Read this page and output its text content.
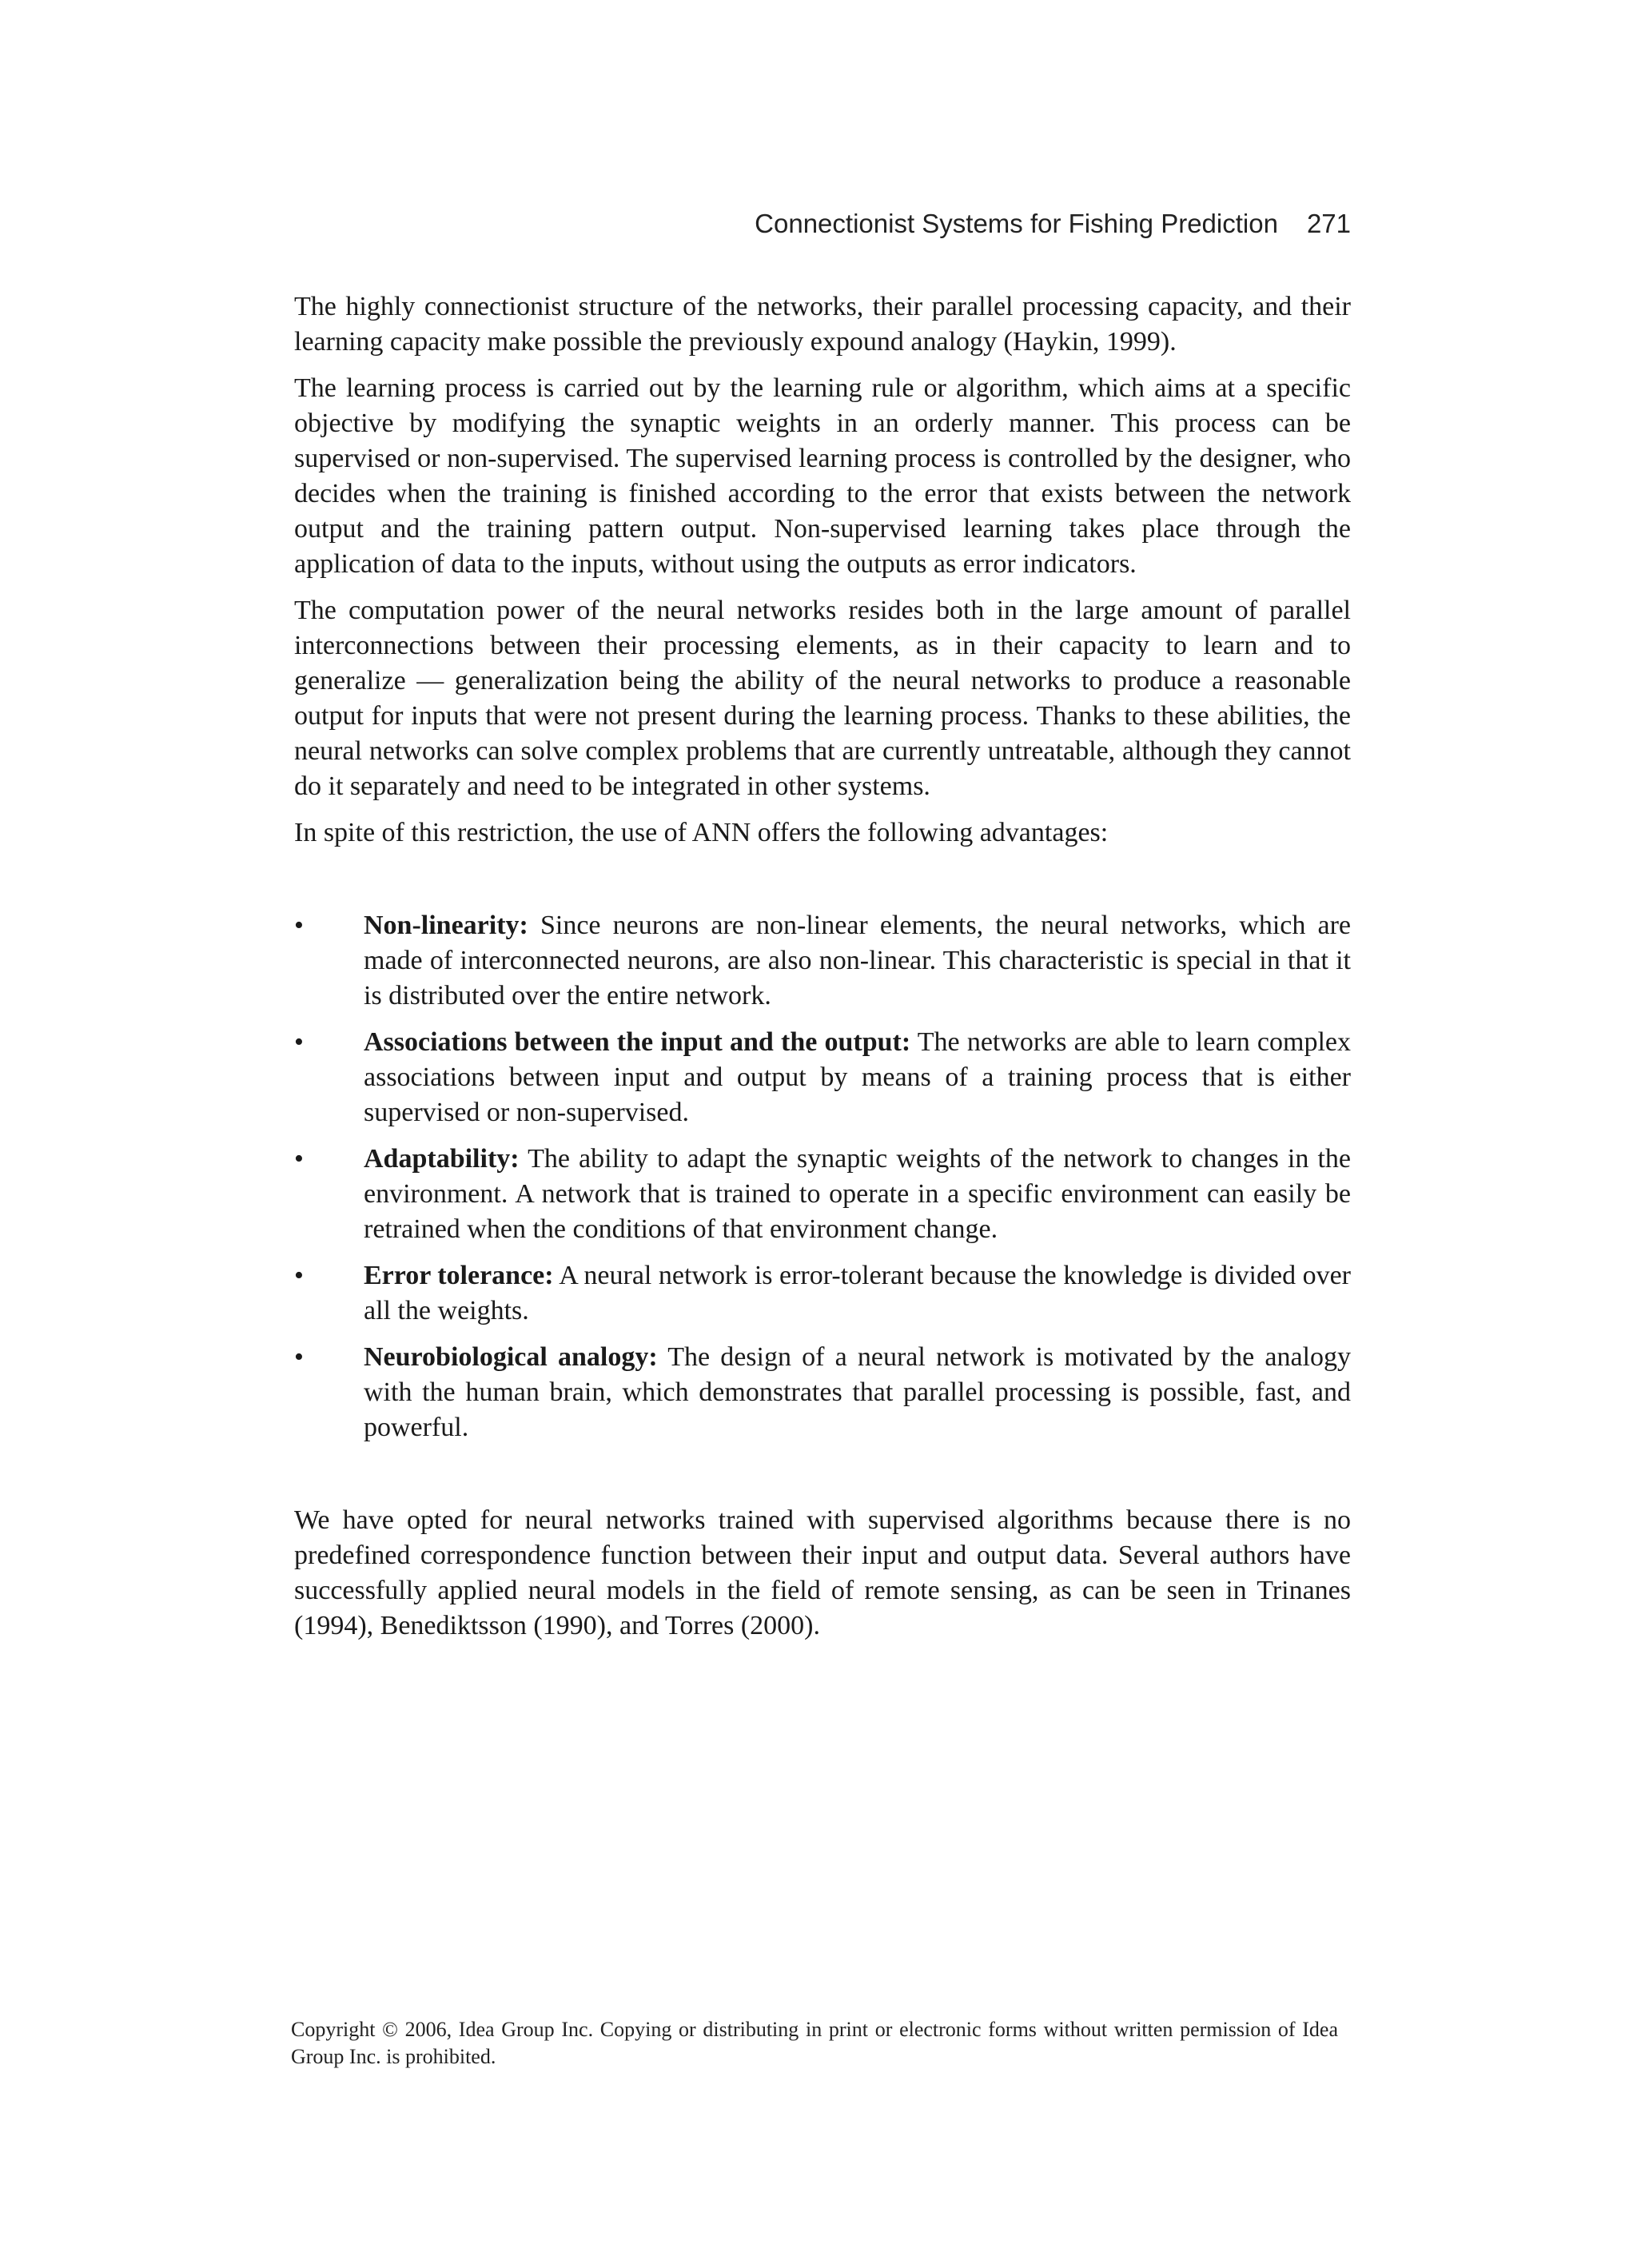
Connectionist Systems for Fishing Prediction 271

The highly connectionist structure of the networks, their parallel processing capacity, and their learning capacity make possible the previously expound analogy (Haykin, 1999).

The learning process is carried out by the learning rule or algorithm, which aims at a specific objective by modifying the synaptic weights in an orderly manner. This process can be supervised or non-supervised. The supervised learning process is controlled by the designer, who decides when the training is finished according to the error that exists between the network output and the training pattern output. Non-supervised learning takes place through the application of data to the inputs, without using the outputs as error indicators.

The computation power of the neural networks resides both in the large amount of parallel interconnections between their processing elements, as in their capacity to learn and to generalize — generalization being the ability of the neural networks to produce a reasonable output for inputs that were not present during the learning process. Thanks to these abilities, the neural networks can solve complex problems that are currently untreatable, although they cannot do it separately and need to be integrated in other systems.

In spite of this restriction, the use of ANN offers the following advantages:

•	Non-linearity: Since neurons are non-linear elements, the neural networks, which are made of interconnected neurons, are also non-linear. This characteristic is special in that it is distributed over the entire network.
•	Associations between the input and the output: The networks are able to learn complex associations between input and output by means of a training process that is either supervised or non-supervised.
•	Adaptability: The ability to adapt the synaptic weights of the network to changes in the environment. A network that is trained to operate in a specific environment can easily be retrained when the conditions of that environment change.
•	Error tolerance: A neural network is error-tolerant because the knowledge is divided over all the weights.
•	Neurobiological analogy: The design of a neural network is motivated by the analogy with the human brain, which demonstrates that parallel processing is possible, fast, and powerful.

We have opted for neural networks trained with supervised algorithms because there is no predefined correspondence function between their input and output data. Several authors have successfully applied neural models in the field of remote sensing, as can be seen in Trinanes (1994), Benediktsson (1990), and Torres (2000).

Copyright © 2006, Idea Group Inc. Copying or distributing in print or electronic forms without written permission of Idea Group Inc. is prohibited.
